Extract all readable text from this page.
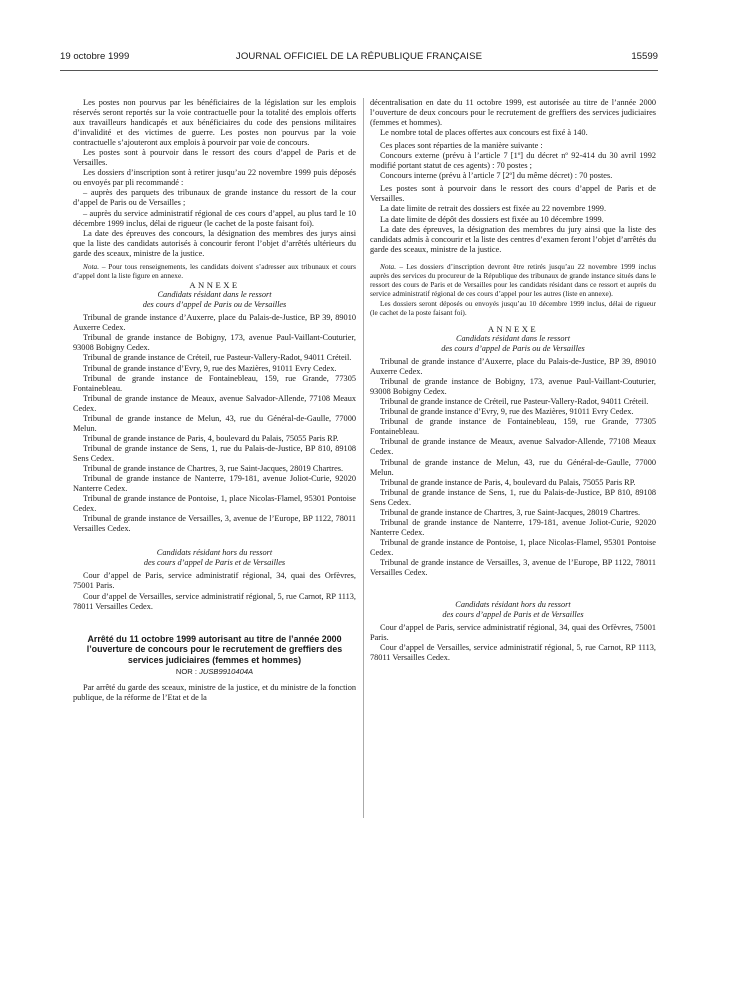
19 octobre 1999	JOURNAL OFFICIEL DE LA RÉPUBLIQUE FRANÇAISE	15599

Les postes non pourvus par les bénéficiaires de la législation sur les emplois réservés seront reportés sur la voie contractuelle pour la totalité des emplois offerts aux travailleurs handicapés et aux bénéficiaires du code des pensions militaires d’invalidité et des victimes de guerre. Les postes non pourvus par la voie contractuelle s’ajouteront aux emplois à pourvoir par voie de concours.

Les postes sont à pourvoir dans le ressort des cours d’appel de Paris et de Versailles.

Les dossiers d’inscription sont à retirer jusqu’au 22 novembre 1999 puis déposés ou envoyés par pli recommandé :

– auprès des parquets des tribunaux de grande instance du ressort de la cour d’appel de Paris ou de Versailles ;

– auprès du service administratif régional de ces cours d’appel, au plus tard le 10 décembre 1999 inclus, délai de rigueur (le cachet de la poste faisant foi).

La date des épreuves des concours, la désignation des membres des jurys ainsi que la liste des candidats autorisés à concourir feront l’objet d’arrêtés ultérieurs du garde des sceaux, ministre de la justice.

Nota. – Pour tous renseignements, les candidats doivent s’adresser aux tribunaux et cours d’appel dont la liste figure en annexe.

ANNEXE

Candidats résidant dans le ressort

des cours d’appel de Paris ou de Versailles

Tribunal de grande instance d’Auxerre, place du Palais-de-Justice, BP 39, 89010 Auxerre Cedex.

Tribunal de grande instance de Bobigny, 173, avenue Paul-Vaillant-Couturier, 93008 Bobigny Cedex.

Tribunal de grande instance de Créteil, rue Pasteur-Vallery-Radot, 94011 Créteil.

Tribunal de grande instance d’Evry, 9, rue des Mazières, 91011 Evry Cedex.

Tribunal de grande instance de Fontainebleau, 159, rue Grande, 77305 Fontainebleau.

Tribunal de grande instance de Meaux, avenue Salvador-Allende, 77108 Meaux Cedex.

Tribunal de grande instance de Melun, 43, rue du Général-de-Gaulle, 77000 Melun.

Tribunal de grande instance de Paris, 4, boulevard du Palais, 75055 Paris RP.

Tribunal de grande instance de Sens, 1, rue du Palais-de-Justice, BP 810, 89108 Sens Cedex.

Tribunal de grande instance de Chartres, 3, rue Saint-Jacques, 28019 Chartres.

Tribunal de grande instance de Nanterre, 179-181, avenue Joliot-Curie, 92020 Nanterre Cedex.

Tribunal de grande instance de Pontoise, 1, place Nicolas-Flamel, 95301 Pontoise Cedex.

Tribunal de grande instance de Versailles, 3, avenue de l’Europe, BP 1122, 78011 Versailles Cedex.

Candidats résidant hors du ressort

des cours d’appel de Paris et de Versailles

Cour d’appel de Paris, service administratif régional, 34, quai des Orfèvres, 75001 Paris.

Cour d’appel de Versailles, service administratif régional, 5, rue Carnot, RP 1113, 78011 Versailles Cedex.

Arrêté du 11 octobre 1999 autorisant au titre de l’année 2000 l’ouverture de concours pour le recrutement de greffiers des services judiciaires (femmes et hommes)
NOR : JUSB9910404A

Par arrêté du garde des sceaux, ministre de la justice, et du ministre de la fonction publique, de la réforme de l’Etat et de la

décentralisation en date du 11 octobre 1999, est autorisée au titre de l’année 2000 l’ouverture de deux concours pour le recrutement de greffiers des services judiciaires (femmes et hommes).

Le nombre total de places offertes aux concours est fixé à 140.

Ces places sont réparties de la manière suivante :

Concours externe (prévu à l’article 7 [1º] du décret nº 92-414 du 30 avril 1992 modifié portant statut de ces agents) : 70 postes ;

Concours interne (prévu à l’article 7 [2º] du même décret) : 70 postes.

Les postes sont à pourvoir dans le ressort des cours d’appel de Paris et de Versailles.

La date limite de retrait des dossiers est fixée au 22 novembre 1999.

La date limite de dépôt des dossiers est fixée au 10 décembre 1999.

La date des épreuves, la désignation des membres du jury ainsi que la liste des candidats admis à concourir et la liste des centres d’examen feront l’objet d’arrêtés du garde des sceaux, ministre de la justice.

Nota. – Les dossiers d’inscription devront être retirés jusqu’au 22 novembre 1999 inclus auprès des services du procureur de la République des tribunaux de grande instance situés dans le ressort des cours de Paris et de Versailles pour les candidats résidant dans ce ressort et auprès du service administratif régional de ces cours d’appel pour les autres (liste en annexe).

Les dossiers seront déposés ou envoyés jusqu’au 10 décembre 1999 inclus, délai de rigueur (le cachet de la poste faisant foi).

ANNEXE

Candidats résidant dans le ressort

des cours d’appel de Paris ou de Versailles

Tribunal de grande instance d’Auxerre, place du Palais-de-Justice, BP 39, 89010 Auxerre Cedex.

Tribunal de grande instance de Bobigny, 173, avenue Paul-Vaillant-Couturier, 93008 Bobigny Cedex.

Tribunal de grande instance de Créteil, rue Pasteur-Vallery-Radot, 94011 Créteil.

Tribunal de grande instance d’Evry, 9, rue des Mazières, 91011 Evry Cedex.

Tribunal de grande instance de Fontainebleau, 159, rue Grande, 77305 Fontainebleau.

Tribunal de grande instance de Meaux, avenue Salvador-Allende, 77108 Meaux Cedex.

Tribunal de grande instance de Melun, 43, rue du Général-de-Gaulle, 77000 Melun.

Tribunal de grande instance de Paris, 4, boulevard du Palais, 75055 Paris RP.

Tribunal de grande instance de Sens, 1, rue du Palais-de-Justice, BP 810, 89108 Sens Cedex.

Tribunal de grande instance de Chartres, 3, rue Saint-Jacques, 28019 Chartres.

Tribunal de grande instance de Nanterre, 179-181, avenue Joliot-Curie, 92020 Nanterre Cedex.

Tribunal de grande instance de Pontoise, 1, place Nicolas-Flamel, 95301 Pontoise Cedex.

Tribunal de grande instance de Versailles, 3, avenue de l’Europe, BP 1122, 78011 Versailles Cedex.

Candidats résidant hors du ressort

des cours d’appel de Paris et de Versailles

Cour d’appel de Paris, service administratif régional, 34, quai des Orfèvres, 75001 Paris.

Cour d’appel de Versailles, service administratif régional, 5, rue Carnot, RP 1113, 78011 Versailles Cedex.
